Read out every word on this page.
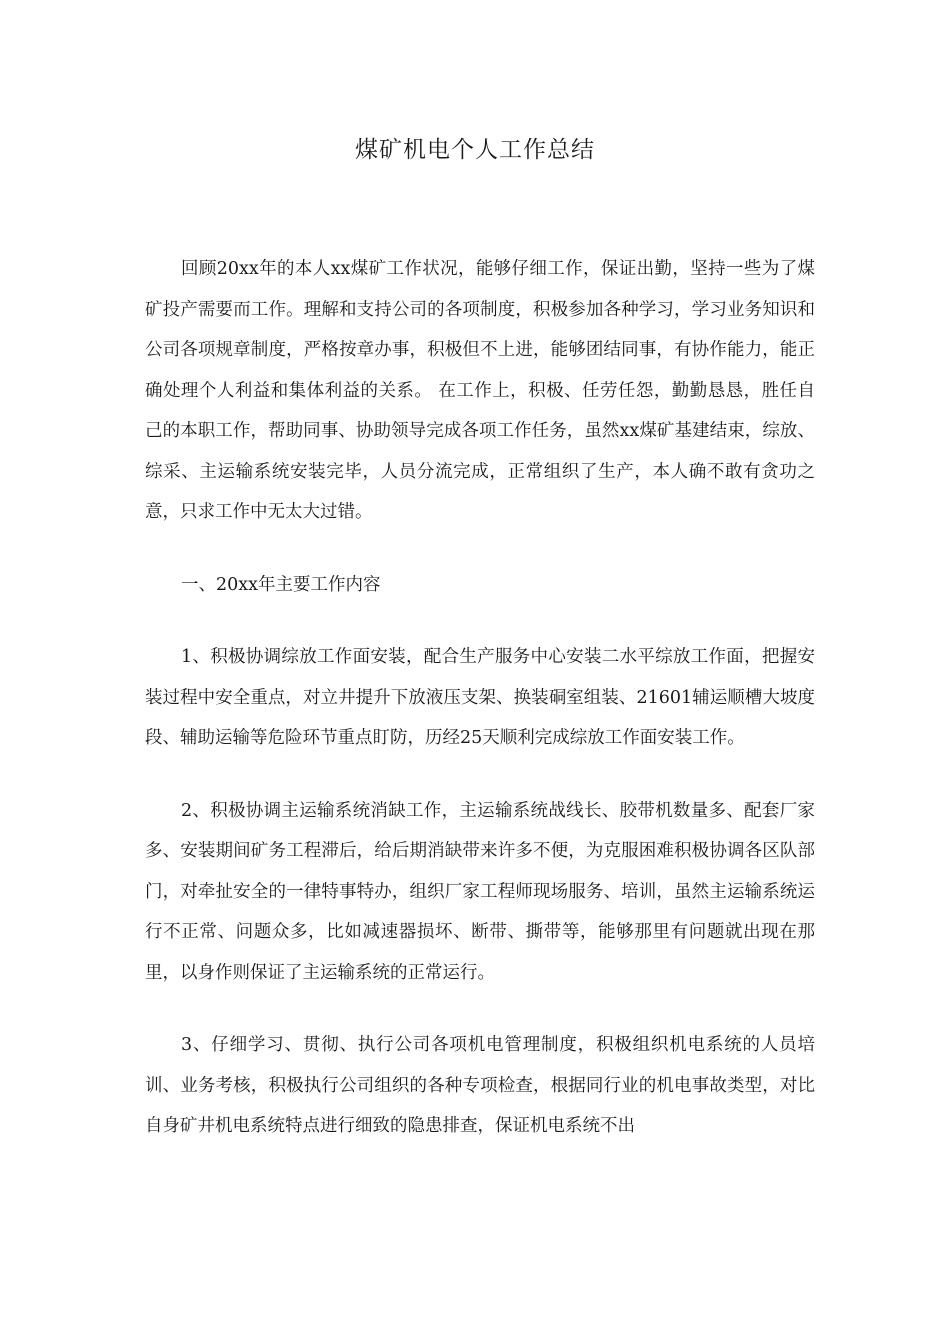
煤矿机电个人工作总结

回顾20xx年的本人xx煤矿工作状况，能够仔细工作，保证出勤，坚持一些为了煤矿投产需要而工作。理解和支持公司的各项制度，积极参加各种学习，学习业务知识和公司各项规章制度，严格按章办事，积极但不上进，能够团结同事，有协作能力，能正确处理个人利益和集体利益的关系。 在工作上，积极、任劳任怨，勤勤恳恳，胜任自己的本职工作，帮助同事、协助领导完成各项工作任务，虽然xx煤矿基建结束，综放、综采、主运输系统安装完毕，人员分流完成，正常组织了生产，本人确不敢有贪功之意，只求工作中无太大过错。

一、20xx年主要工作内容

1、积极协调综放工作面安装，配合生产服务中心安装二水平综放工作面，把握安装过程中安全重点，对立井提升下放液压支架、换装硐室组装、21601辅运顺槽大坡度段、辅助运输等危险环节重点盯防，历经25天顺利完成综放工作面安装工作。

2、积极协调主运输系统消缺工作，主运输系统战线长、胶带机数量多、配套厂家多、安装期间矿务工程滞后，给后期消缺带来许多不便，为克服困难积极协调各区队部门，对牵扯安全的一律特事特办，组织厂家工程师现场服务、培训，虽然主运输系统运行不正常、问题众多，比如减速器损坏、断带、撕带等，能够那里有问题就出现在那里，以身作则保证了主运输系统的正常运行。

3、仔细学习、贯彻、执行公司各项机电管理制度，积极组织机电系统的人员培训、业务考核，积极执行公司组织的各种专项检查，根据同行业的机电事故类型，对比自身矿井机电系统特点进行细致的隐患排查，保证机电系统不出
